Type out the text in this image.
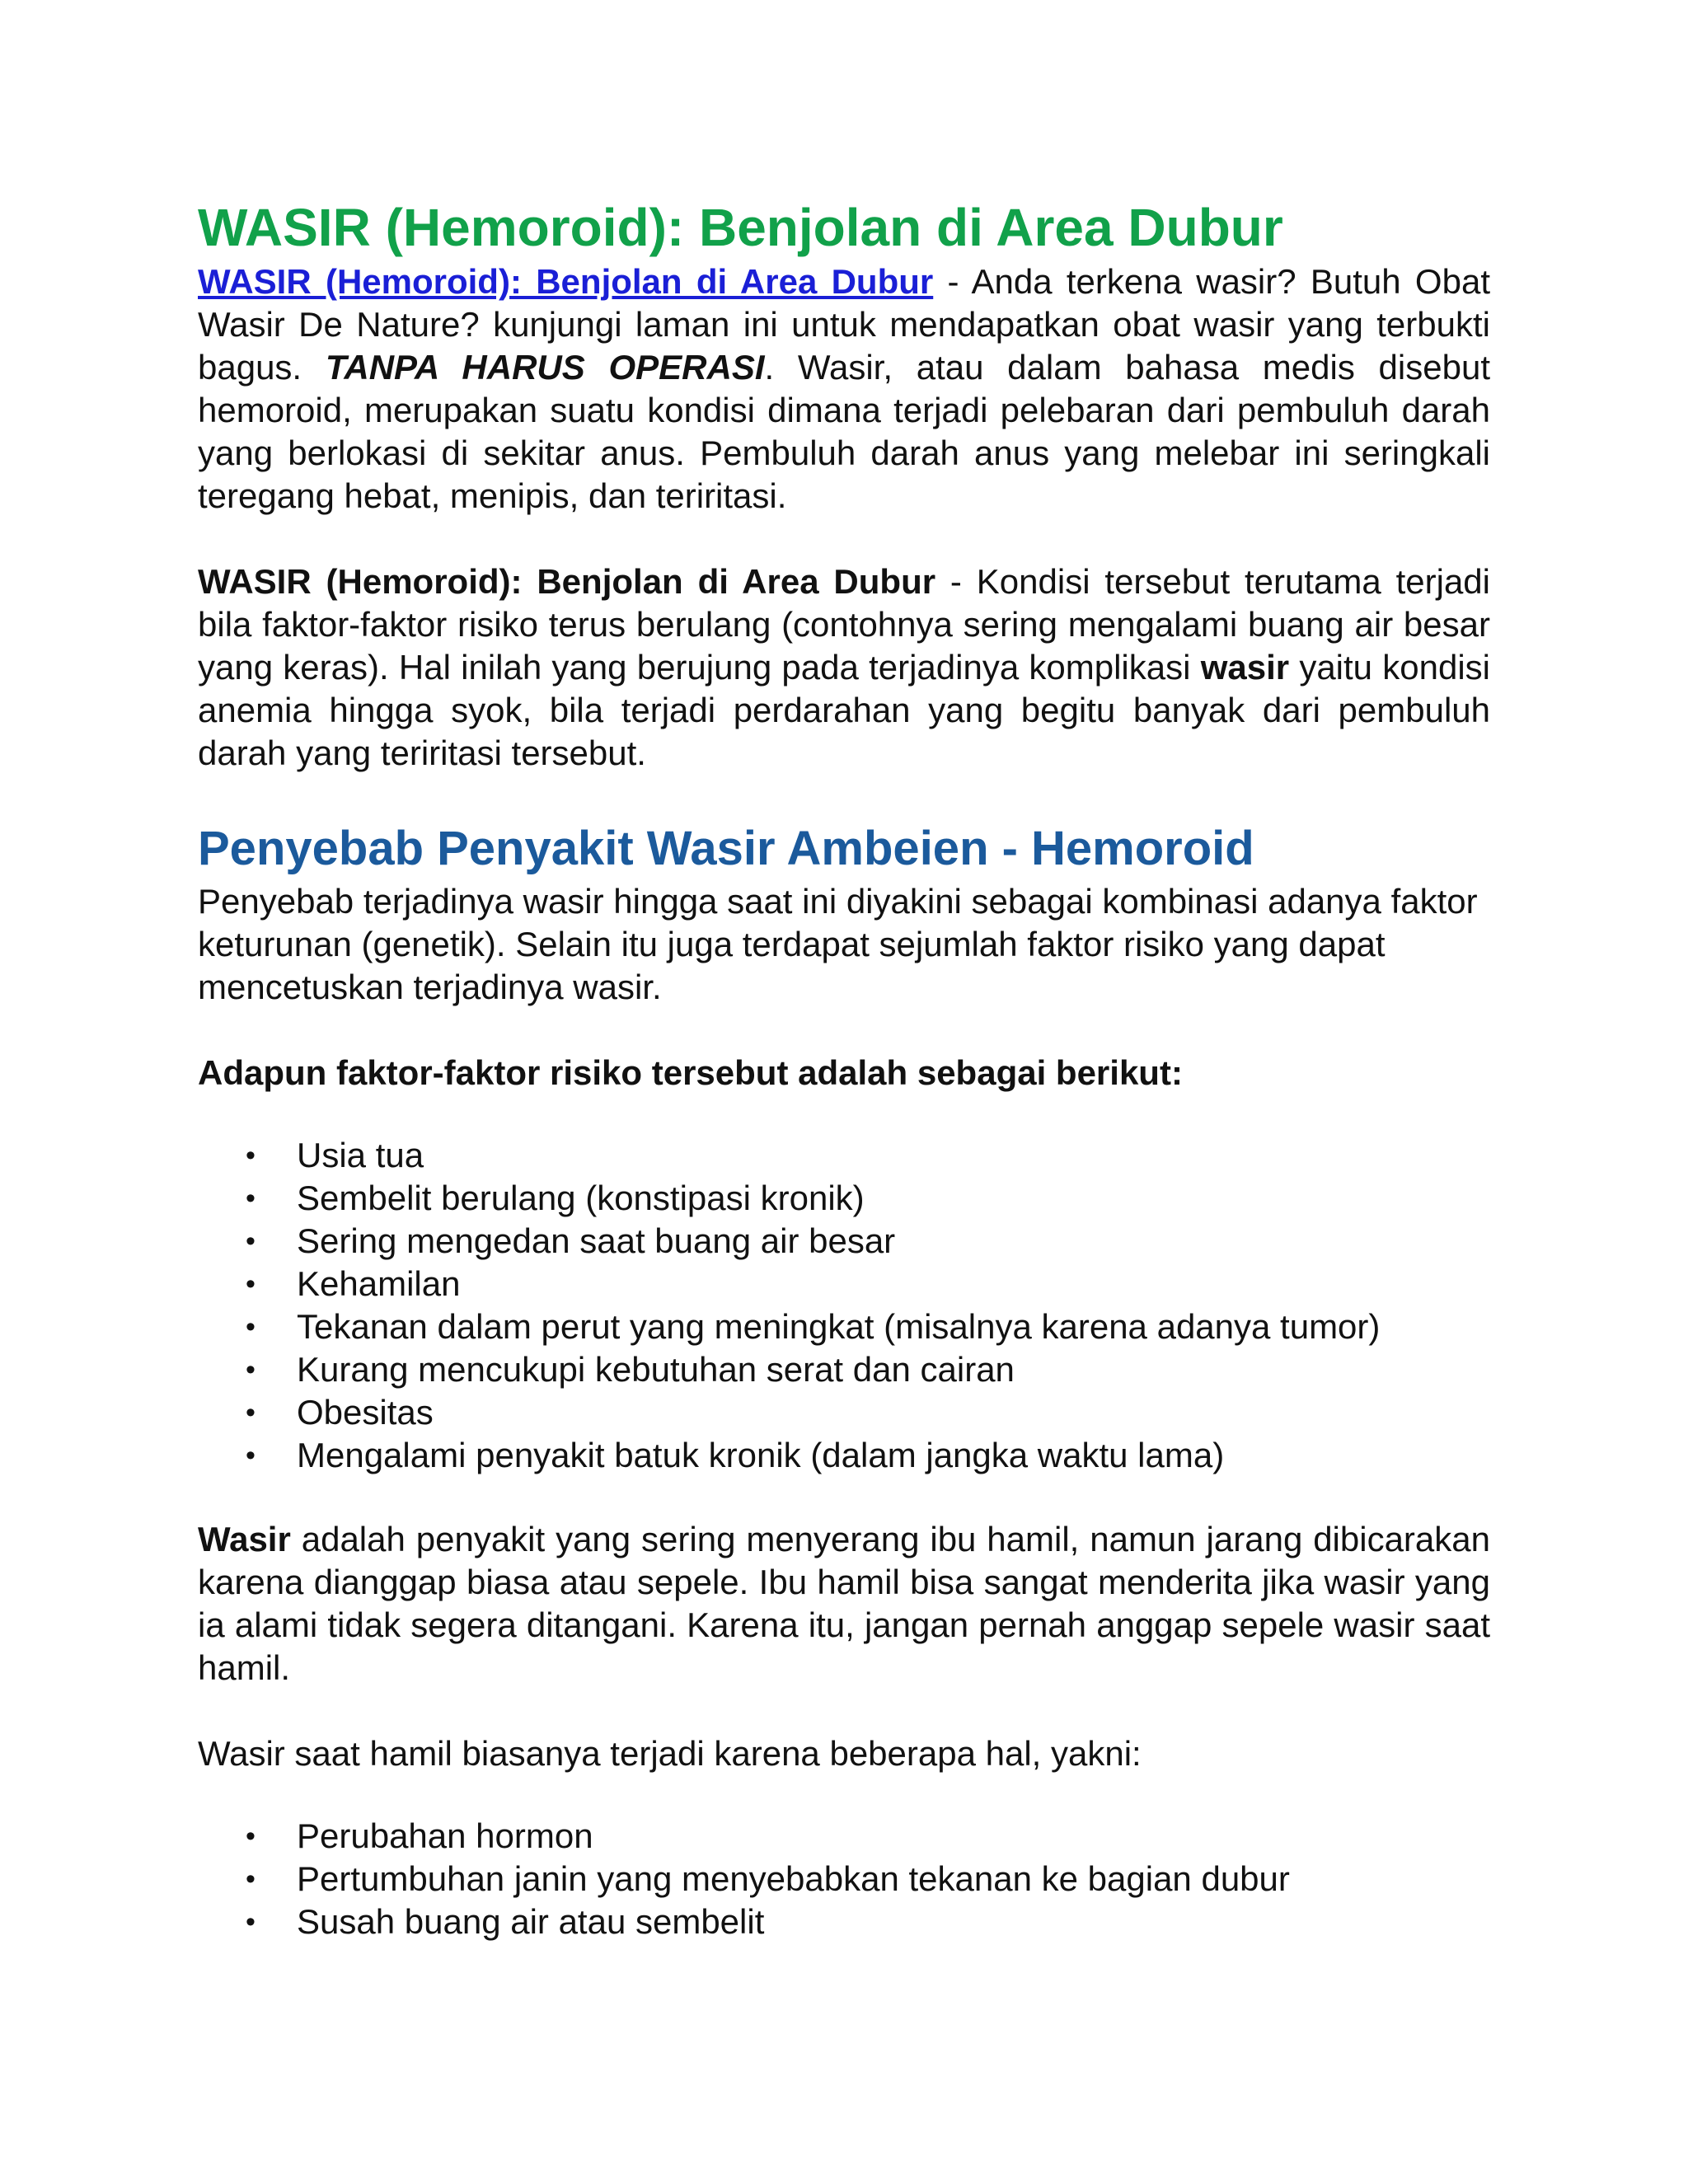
WASIR (Hemoroid): Benjolan di Area Dubur

WASIR (Hemoroid): Benjolan di Area Dubur - Anda terkena wasir? Butuh Obat Wasir De Nature? kunjungi laman ini untuk mendapatkan obat wasir yang terbukti bagus. TANPA HARUS OPERASI. Wasir, atau dalam bahasa medis disebut hemoroid, merupakan suatu kondisi dimana terjadi pelebaran dari pembuluh darah yang berlokasi di sekitar anus. Pembuluh darah anus yang melebar ini seringkali teregang hebat, menipis, dan teriritasi.

WASIR (Hemoroid): Benjolan di Area Dubur - Kondisi tersebut terutama terjadi bila faktor-faktor risiko terus berulang (contohnya sering mengalami buang air besar yang keras). Hal inilah yang berujung pada terjadinya komplikasi wasir yaitu kondisi anemia hingga syok, bila terjadi perdarahan yang begitu banyak dari pembuluh darah yang teriritasi tersebut.

Penyebab Penyakit Wasir Ambeien - Hemoroid

Penyebab terjadinya wasir hingga saat ini diyakini sebagai kombinasi adanya faktor keturunan (genetik). Selain itu juga terdapat sejumlah faktor risiko yang dapat mencetuskan terjadinya wasir.

Adapun faktor-faktor risiko tersebut adalah sebagai berikut:

• Usia tua
• Sembelit berulang (konstipasi kronik)
• Sering mengedan saat buang air besar
• Kehamilan
• Tekanan dalam perut yang meningkat (misalnya karena adanya tumor)
• Kurang mencukupi kebutuhan serat dan cairan
• Obesitas
• Mengalami penyakit batuk kronik (dalam jangka waktu lama)

Wasir adalah penyakit yang sering menyerang ibu hamil, namun jarang dibicarakan karena dianggap biasa atau sepele. Ibu hamil bisa sangat menderita jika wasir yang ia alami tidak segera ditangani. Karena itu, jangan pernah anggap sepele wasir saat hamil.

Wasir saat hamil biasanya terjadi karena beberapa hal, yakni:

• Perubahan hormon
• Pertumbuhan janin yang menyebabkan tekanan ke bagian dubur
• Susah buang air atau sembelit
